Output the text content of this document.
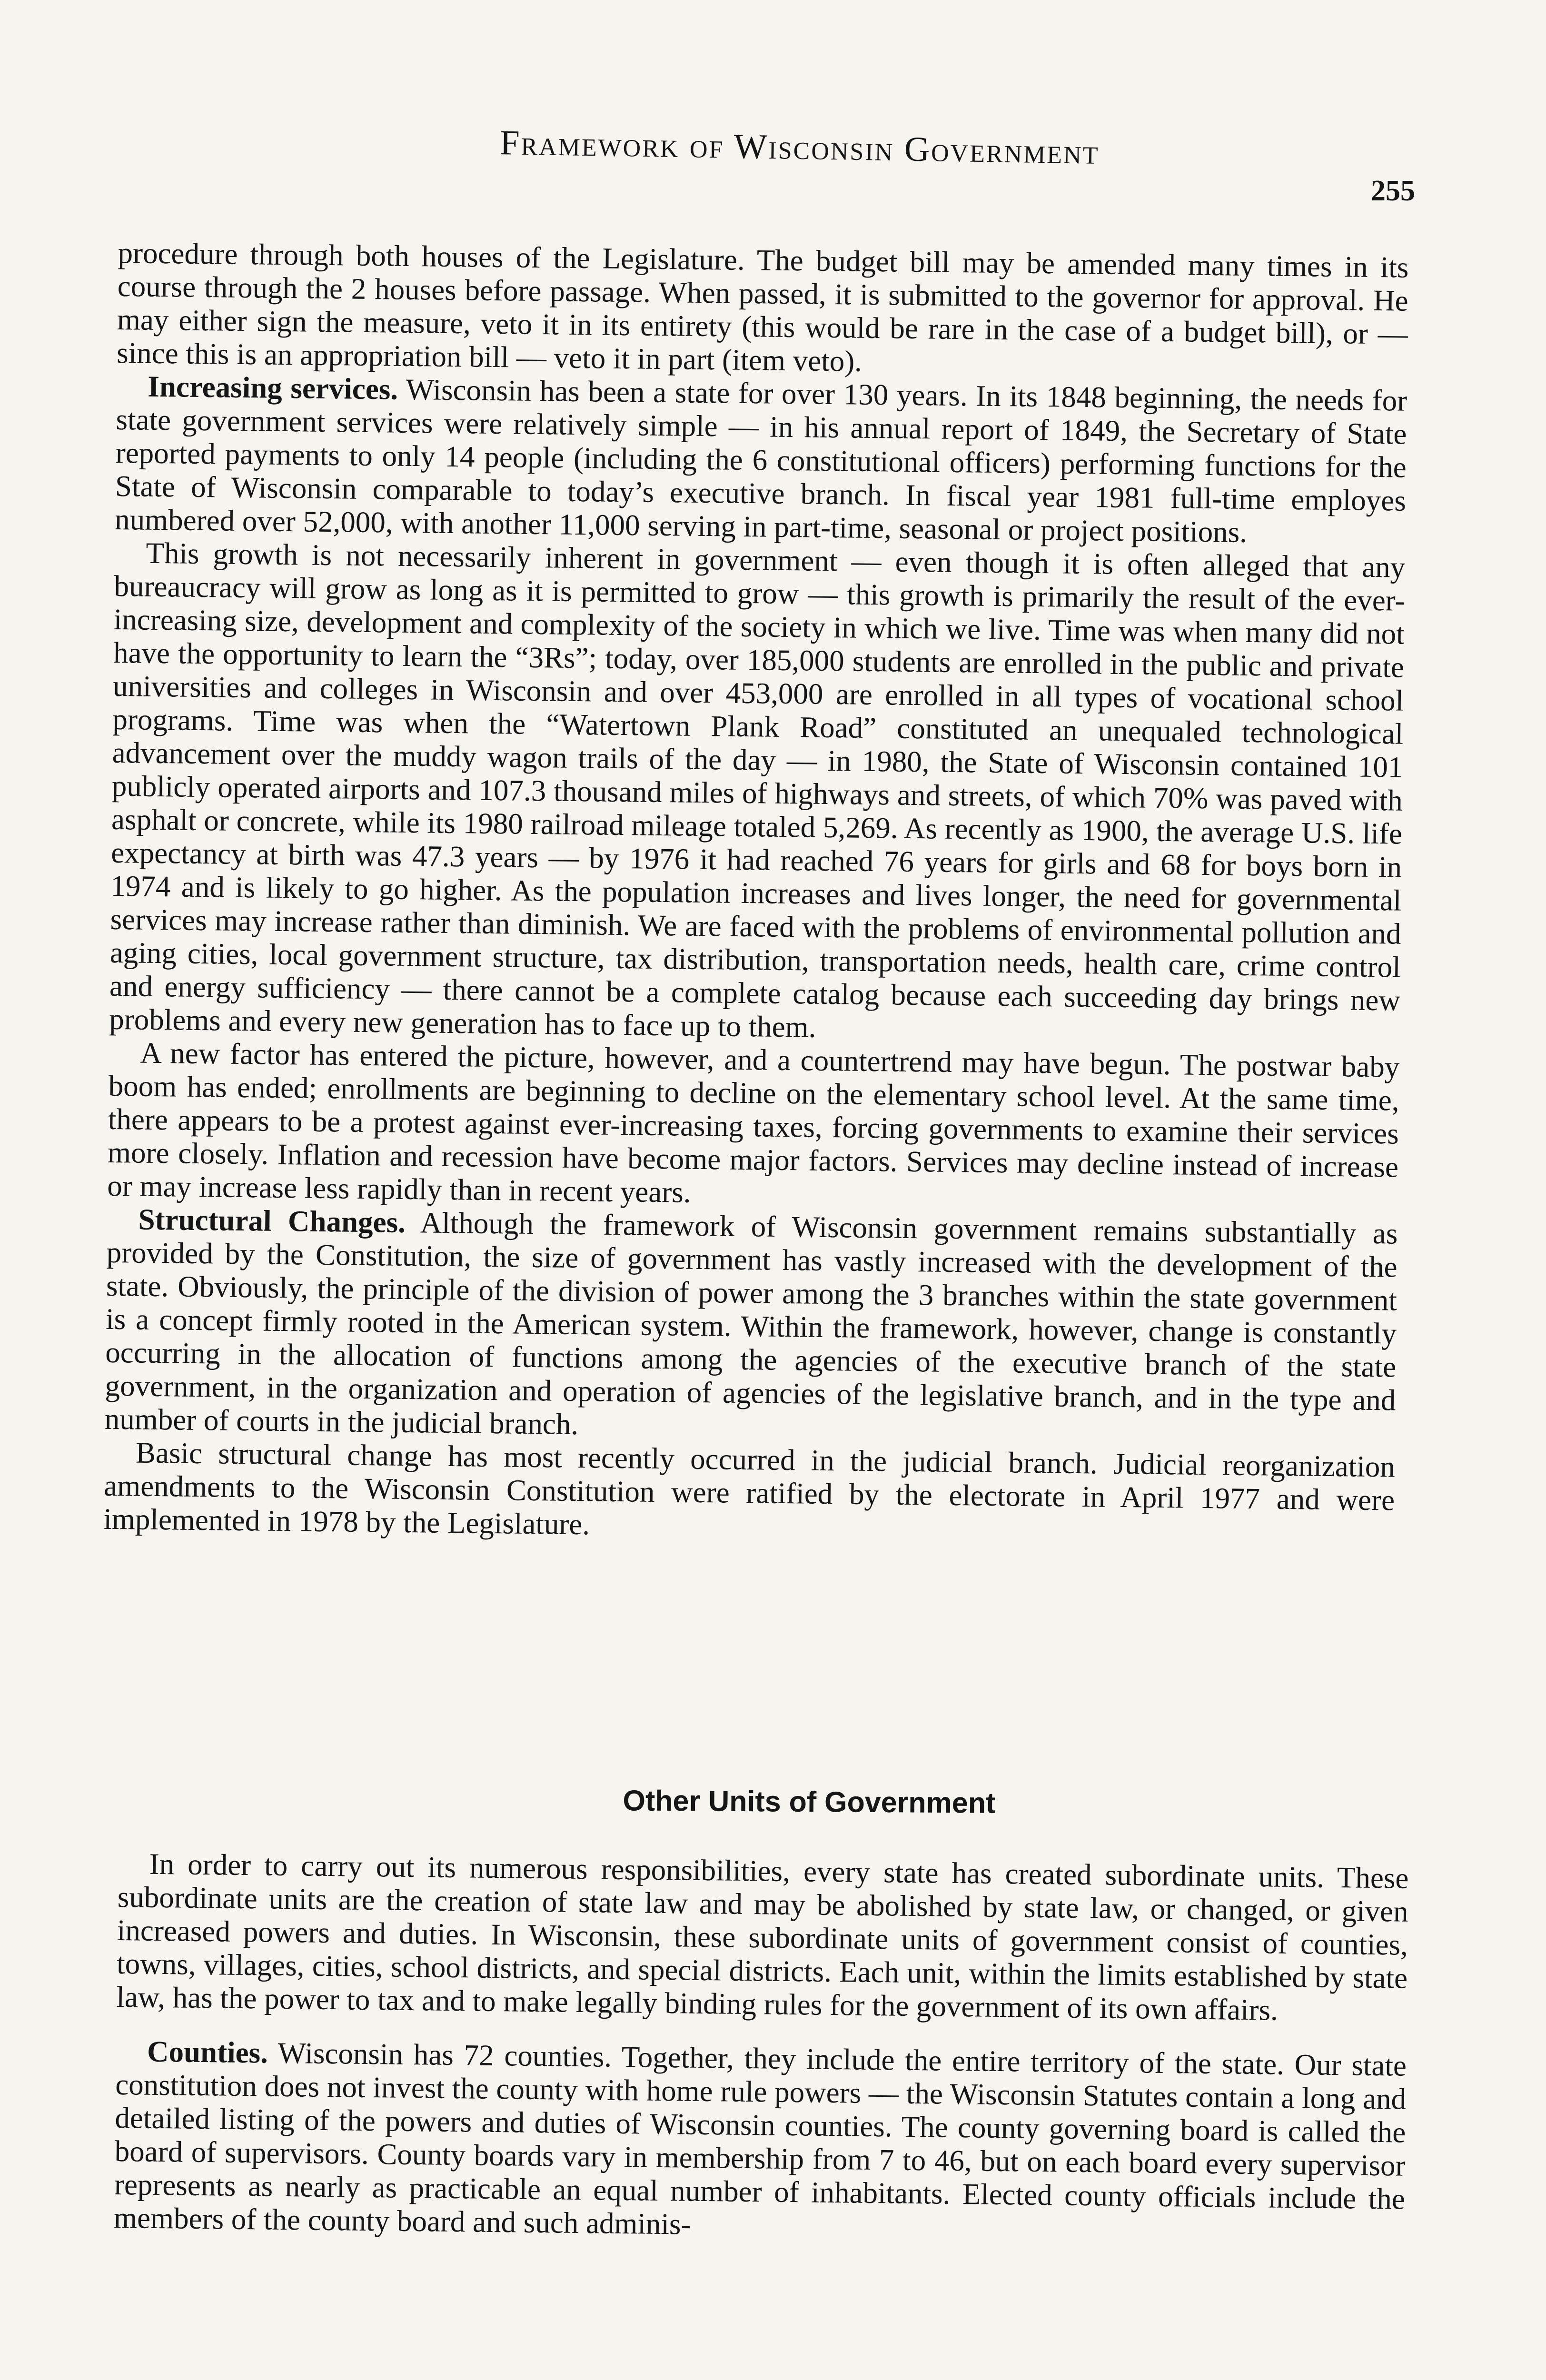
Framework of Wisconsin Government
255

procedure through both houses of the Legislature. The budget bill may be amended many times in its course through the 2 houses before passage. When passed, it is submitted to the governor for approval. He may either sign the measure, veto it in its entirety (this would be rare in the case of a budget bill), or — since this is an appropriation bill — veto it in part (item veto).

Increasing services. Wisconsin has been a state for over 130 years. In its 1848 beginning, the needs for state government services were relatively simple — in his annual report of 1849, the Secretary of State reported payments to only 14 people (including the 6 constitutional officers) performing functions for the State of Wisconsin comparable to today’s executive branch. In fiscal year 1981 full-time employes numbered over 52,000, with another 11,000 serving in part-time, seasonal or project positions.

This growth is not necessarily inherent in government — even though it is often alleged that any bureaucracy will grow as long as it is permitted to grow — this growth is primarily the result of the ever-increasing size, development and complexity of the society in which we live. Time was when many did not have the opportunity to learn the “3Rs”; today, over 185,000 students are enrolled in the public and private universities and colleges in Wisconsin and over 453,000 are enrolled in all types of vocational school programs. Time was when the “Watertown Plank Road” constituted an unequaled technological advancement over the muddy wagon trails of the day — in 1980, the State of Wisconsin contained 101 publicly operated airports and 107.3 thousand miles of highways and streets, of which 70% was paved with asphalt or concrete, while its 1980 railroad mileage totaled 5,269. As recently as 1900, the average U.S. life expectancy at birth was 47.3 years — by 1976 it had reached 76 years for girls and 68 for boys born in 1974 and is likely to go higher. As the population increases and lives longer, the need for governmental services may increase rather than diminish. We are faced with the problems of environmental pollution and aging cities, local government structure, tax distribution, transportation needs, health care, crime control and energy sufficiency — there cannot be a complete catalog because each succeeding day brings new problems and every new generation has to face up to them.

A new factor has entered the picture, however, and a countertrend may have begun. The postwar baby boom has ended; enrollments are beginning to decline on the elementary school level. At the same time, there appears to be a protest against ever-increasing taxes, forcing governments to examine their services more closely. Inflation and recession have become major factors. Services may decline instead of increase or may increase less rapidly than in recent years.

Structural Changes. Although the framework of Wisconsin government remains substantially as provided by the Constitution, the size of government has vastly increased with the development of the state. Obviously, the principle of the division of power among the 3 branches within the state government is a concept firmly rooted in the American system. Within the framework, however, change is constantly occurring in the allocation of functions among the agencies of the executive branch of the state government, in the organization and operation of agencies of the legislative branch, and in the type and number of courts in the judicial branch.

Basic structural change has most recently occurred in the judicial branch. Judicial reorganization amendments to the Wisconsin Constitution were ratified by the electorate in April 1977 and were implemented in 1978 by the Legislature.

Other Units of Government

In order to carry out its numerous responsibilities, every state has created subordinate units. These subordinate units are the creation of state law and may be abolished by state law, or changed, or given increased powers and duties. In Wisconsin, these subordinate units of government consist of counties, towns, villages, cities, school districts, and special districts. Each unit, within the limits established by state law, has the power to tax and to make legally binding rules for the government of its own affairs.

Counties. Wisconsin has 72 counties. Together, they include the entire territory of the state. Our state constitution does not invest the county with home rule powers — the Wisconsin Statutes contain a long and detailed listing of the powers and duties of Wisconsin counties. The county governing board is called the board of supervisors. County boards vary in membership from 7 to 46, but on each board every supervisor represents as nearly as practicable an equal number of inhabitants. Elected county officials include the members of the county board and such adminis-
